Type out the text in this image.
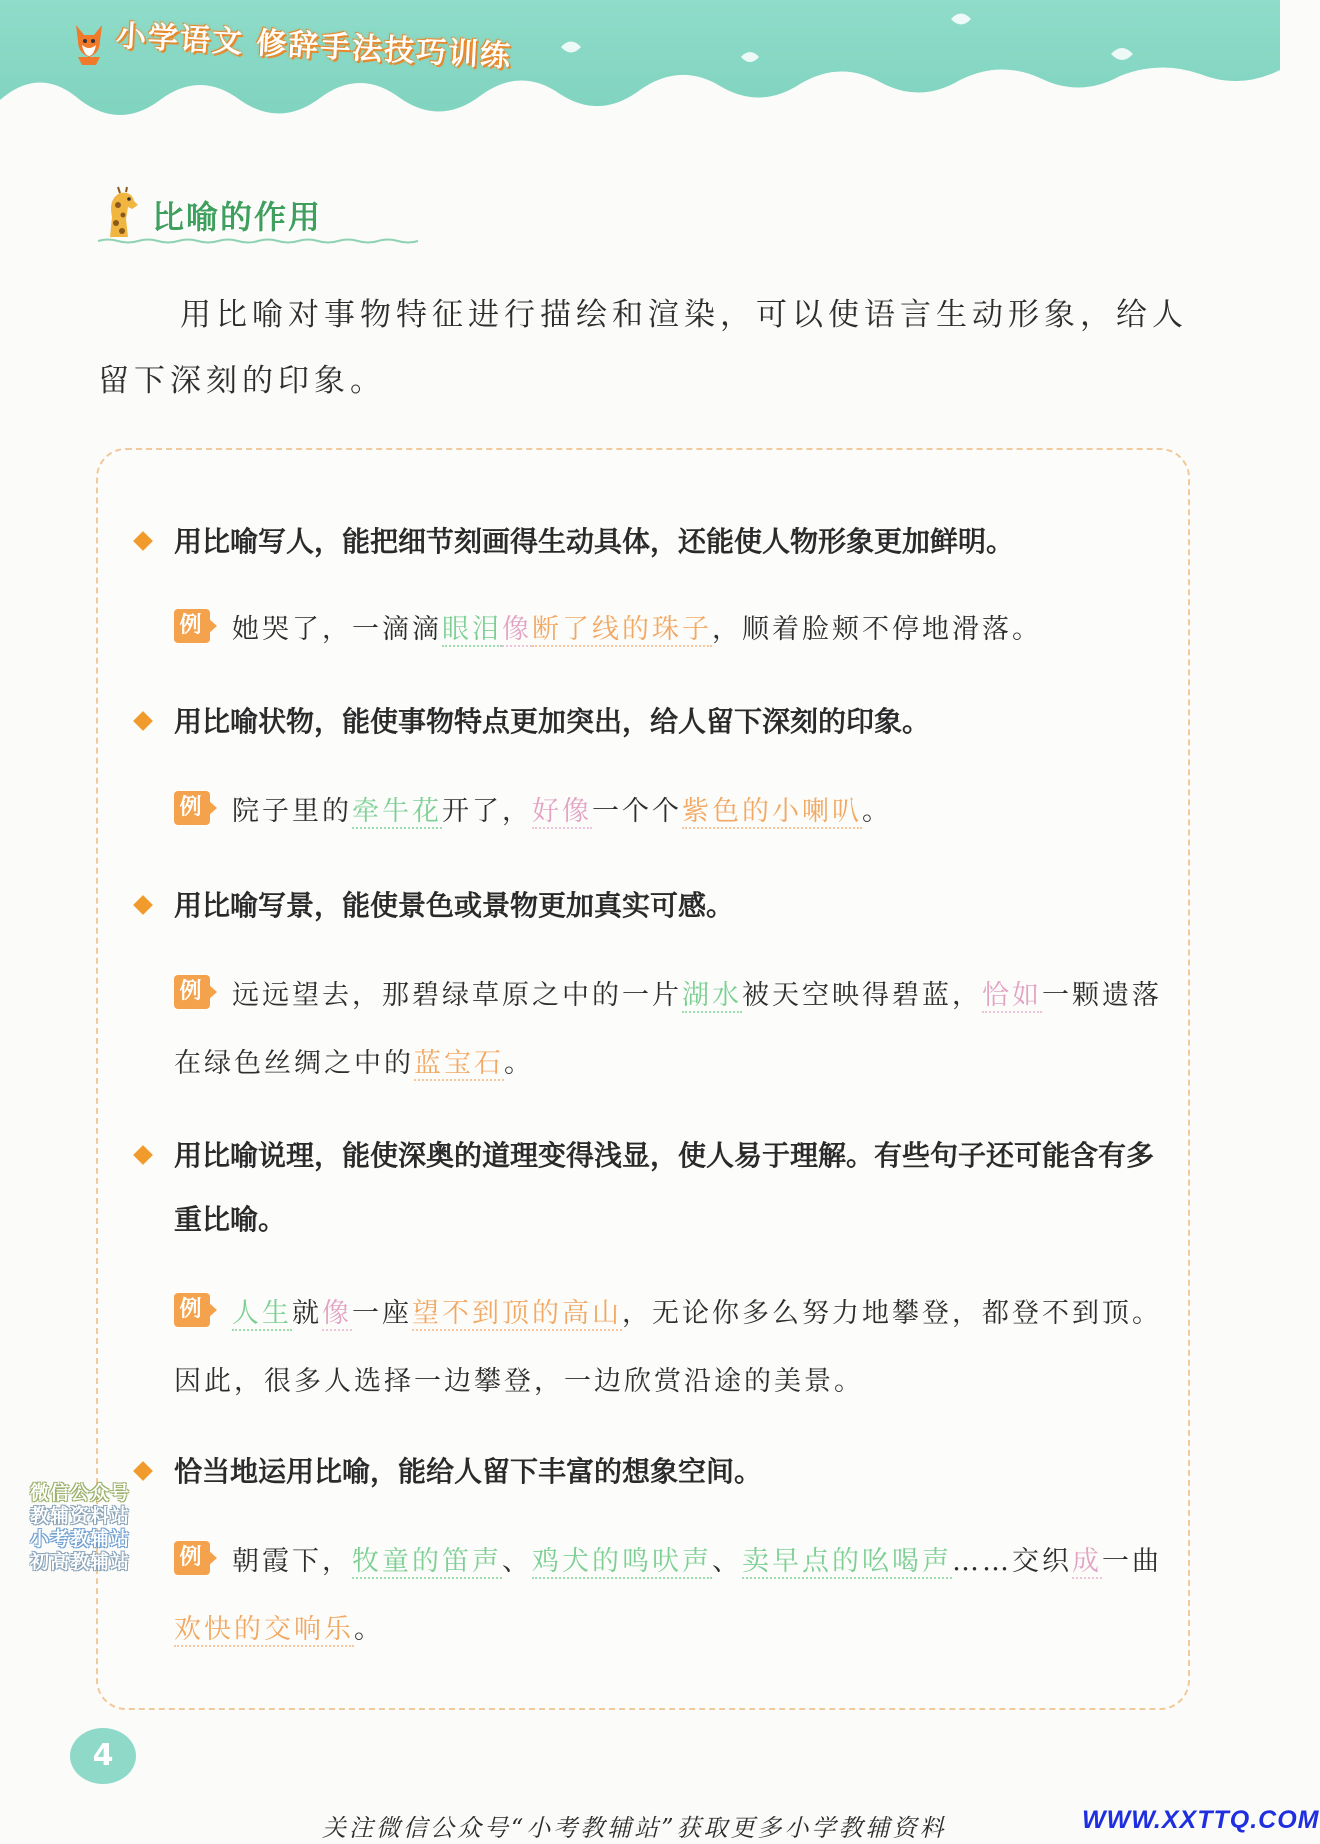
小学语文 修辞手法技巧训练
比喻的作用
用比喻对事物特征进行描绘和渲染，可以使语言生动形象，给人留下深刻的印象。
用比喻写人，能把细节刻画得生动具体，还能使人物形象更加鲜明。
例 她哭了，一滴滴眼泪像断了线的珠子，顺着脸颊不停地滑落。
用比喻状物，能使事物特点更加突出，给人留下深刻的印象。
例 院子里的牵牛花开了，好像一个个紫色的小喇叭。
用比喻写景，能使景色或景物更加真实可感。
例 远远望去，那碧绿草原之中的一片湖水被天空映得碧蓝，恰如一颗遗落在绿色丝绸之中的蓝宝石。
用比喻说理，能使深奥的道理变得浅显，使人易于理解。有些句子还可能含有多重比喻。
例 人生就像一座望不到顶的高山，无论你多么努力地攀登，都登不到顶。因此，很多人选择一边攀登，一边欣赏沿途的美景。
恰当地运用比喻，能给人留下丰富的想象空间。
例 朝霞下，牧童的笛声、鸡犬的鸣吠声、卖早点的吆喝声……交织成一曲欢快的交响乐。
微信公众号
教辅资料站
小考教辅站
初高教辅站
4
关注微信公众号“小考教辅站”获取更多小学教辅资料	WWW.XXTTQ.COM
